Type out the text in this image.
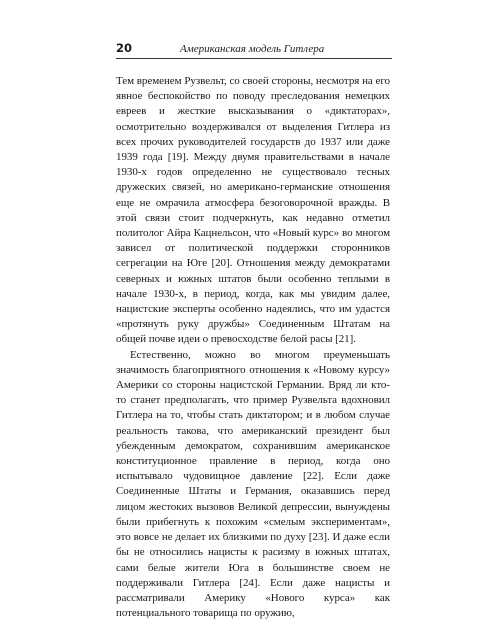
20	Американская модель Гитлера

Тем временем Рузвельт, со своей стороны, несмотря на его явное беспокойство по поводу преследования немецких евреев и жесткие высказывания о «диктаторах», осмотрительно воздерживался от выделения Гитлера из всех прочих руководителей государств до 1937 или даже 1939 года [19]. Между двумя правительствами в начале 1930-х годов определенно не существовало тесных дружеских связей, но американо-германские отношения еще не омрачила атмосфера безоговорочной вражды. В этой связи стоит подчеркнуть, как недавно отметил политолог Айра Кацнельсон, что «Новый курс» во многом зависел от политической поддержки сторонников сегрегации на Юге [20]. Отношения между демократами северных и южных штатов были особенно теплыми в начале 1930-х, в период, когда, как мы увидим далее, нацистские эксперты особенно надеялись, что им удастся «протянуть руку дружбы» Соединенным Штатам на общей почве идеи о превосходстве белой расы [21].

Естественно, можно во многом преуменьшать значимость благоприятного отношения к «Новому курсу» Америки со стороны нацистской Германии. Вряд ли кто-то станет предполагать, что пример Рузвельта вдохновил Гитлера на то, чтобы стать диктатором; и в любом случае реальность такова, что американский президент был убежденным демократом, сохранившим американское конституционное правление в период, когда оно испытывало чудовищное давление [22]. Если даже Соединенные Штаты и Германия, оказавшись перед лицом жестоких вызовов Великой депрессии, вынуждены были прибегнуть к похожим «смелым экспериментам», это вовсе не делает их близкими по духу [23]. И даже если бы не относились нацисты к расизму в южных штатах, сами белые жители Юга в большинстве своем не поддерживали Гитлера [24]. Если даже нацисты и рассматривали Америку «Нового курса» как потенциального товарища по оружию,
